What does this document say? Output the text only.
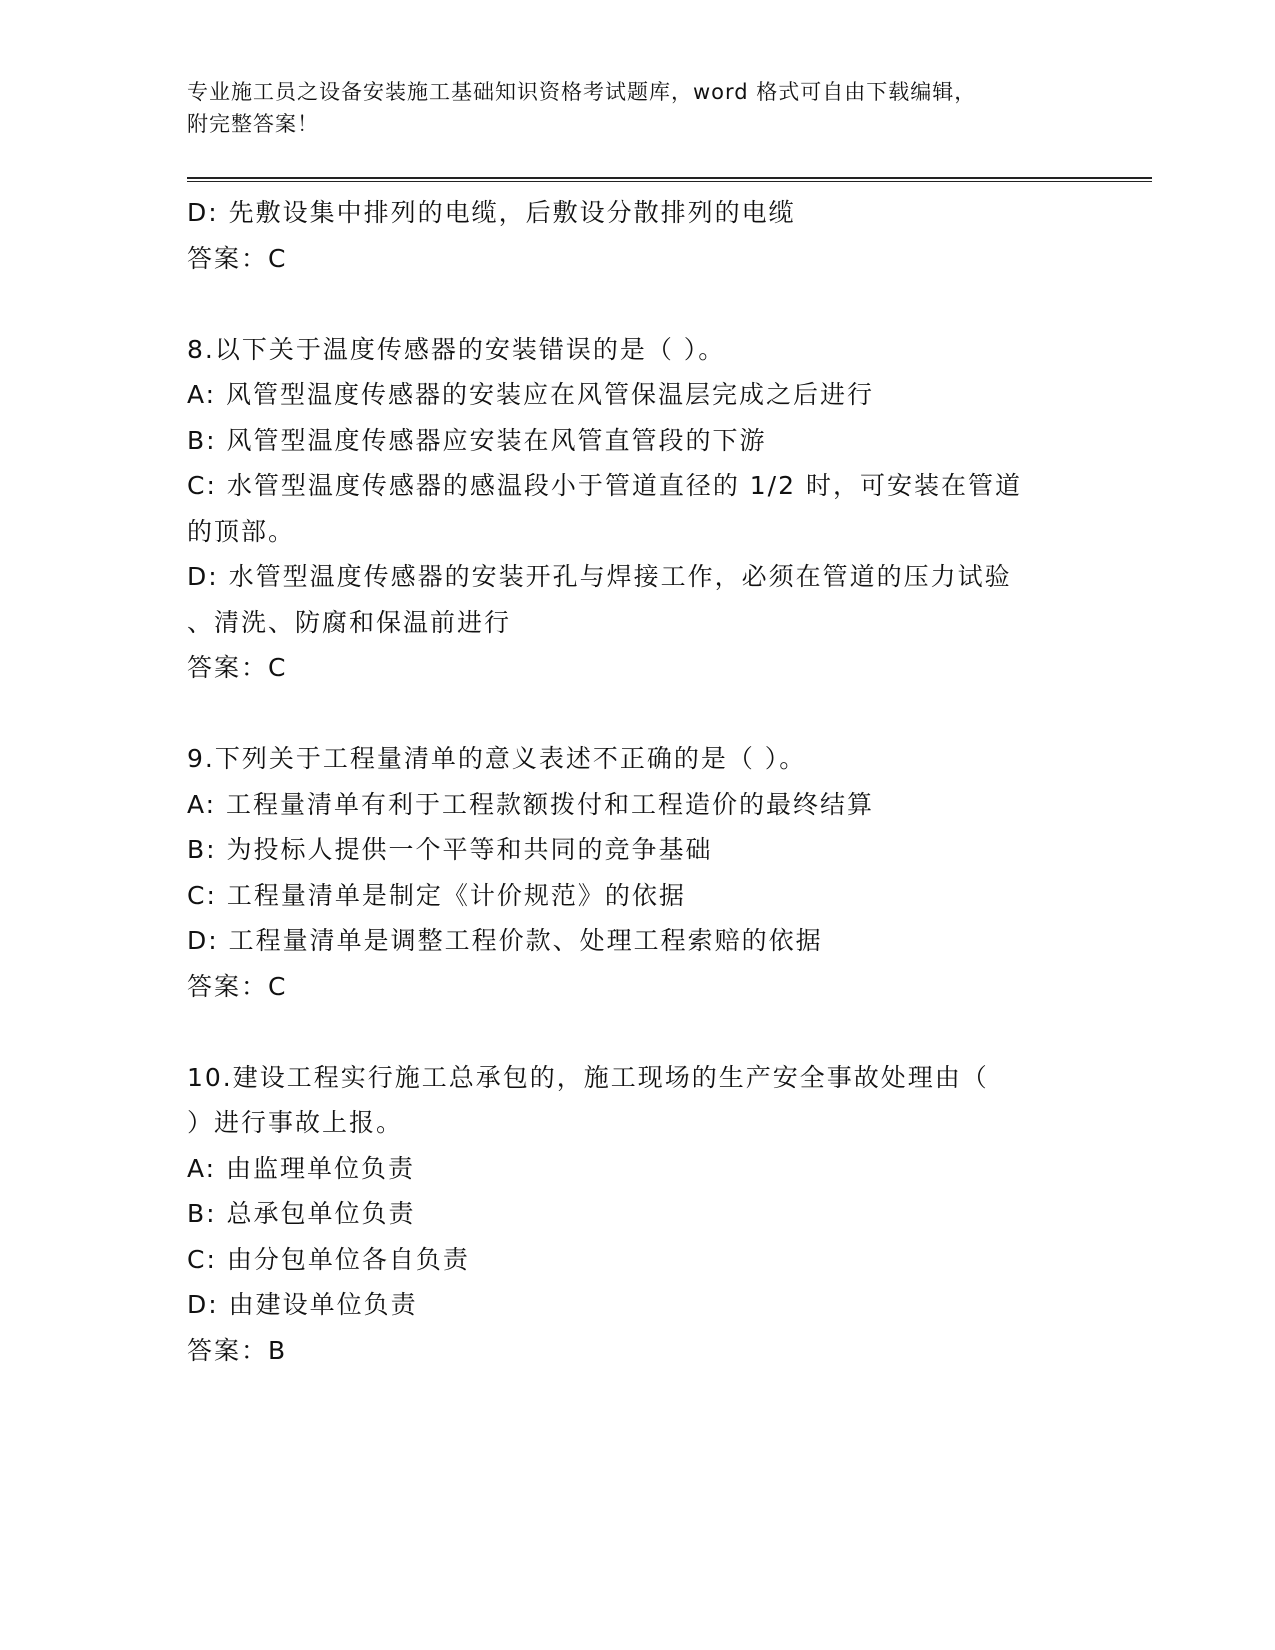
专业施工员之设备安装施工基础知识资格考试题库，word 格式可自由下载编辑，
附完整答案！
D: 先敷设集中排列的电缆，后敷设分散排列的电缆
答案：C
8.以下关于温度传感器的安装错误的是（ ）。
A: 风管型温度传感器的安装应在风管保温层完成之后进行
B: 风管型温度传感器应安装在风管直管段的下游
C: 水管型温度传感器的感温段小于管道直径的 1/2 时，可安装在管道
的顶部。
D: 水管型温度传感器的安装开孔与焊接工作，必须在管道的压力试验
、清洗、防腐和保温前进行
答案：C
9.下列关于工程量清单的意义表述不正确的是（ ）。
A: 工程量清单有利于工程款额拨付和工程造价的最终结算
B: 为投标人提供一个平等和共同的竞争基础
C: 工程量清单是制定《计价规范》的依据
D: 工程量清单是调整工程价款、处理工程索赔的依据
答案：C
10.建设工程实行施工总承包的，施工现场的生产安全事故处理由（
）进行事故上报。
A: 由监理单位负责
B: 总承包单位负责
C: 由分包单位各自负责
D: 由建设单位负责
答案：B
